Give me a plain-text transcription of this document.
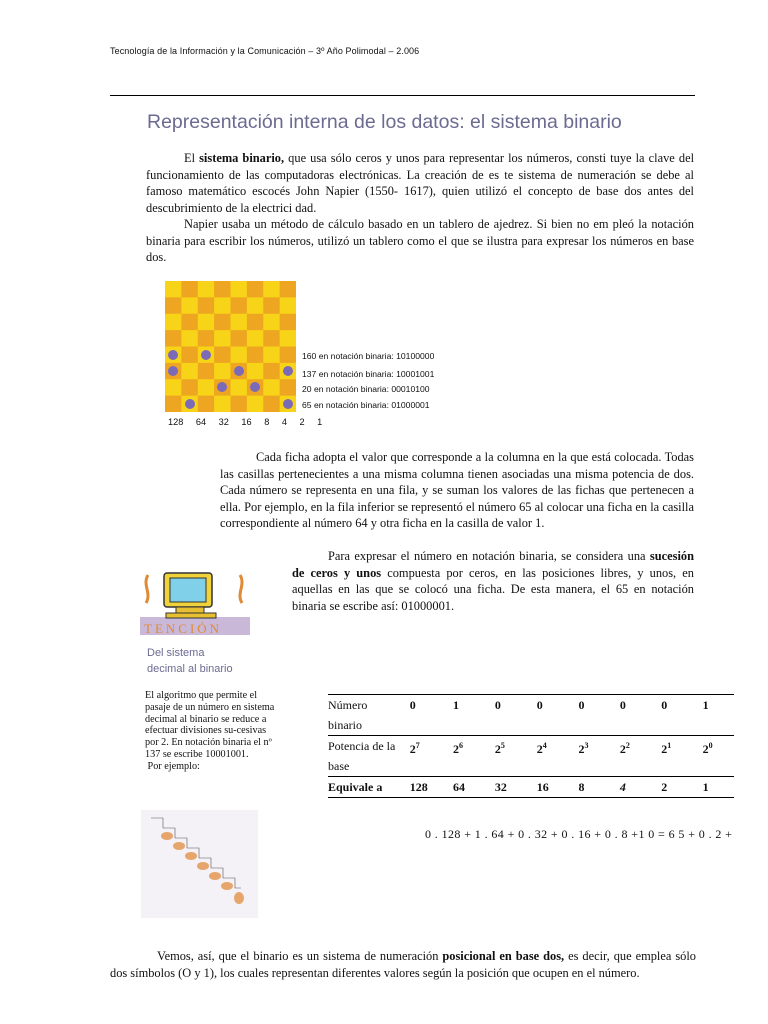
Tecnología de la Información y la Comunicación – 3º Año Polimodal – 2.006
Representación interna de los datos: el sistema binario

El sistema binario, que usa sólo ceros y unos para representar los números, consti tuye la clave del funcionamiento de las computadoras electrónicas. La creación de es te sistema de numeración se debe al famoso matemático escocés John Napier (1550- 1617), quien utilizó el concepto de base dos antes del descubrimiento de la electrici dad.

Napier usaba un método de cálculo basado en un tablero de ajedrez. Si bien no em pleó la notación binaria para escribir los números, utilizó un tablero como el que se ilustra para expresar los números en base dos.

160 en notación binaria: 10100000
137 en notación binaria: 10001001
20 en notación binaria: 00010100
65 en notación binaria: 01000001
128 64 32 16 8 4 2 1

Cada ficha adopta el valor que corresponde a la columna en la que está colocada. Todas las casillas pertenecientes a una misma columna tienen asociadas una misma potencia de dos. Cada número se representa en una fila, y se suman los valores de las fichas que pertenecen a ella. Por ejemplo, en la fila inferior se representó el número 65 al colocar una ficha en la casilla correspondiente al número 64 y otra ficha en la casilla de valor 1.

Para expresar el número en notación binaria, se considera una sucesión de ceros y unos compuesta por ceros, en las posiciones libres, y unos, en aquellas en las que se colocó una ficha. De esta manera, el 65 en notación binaria se escribe así: 01000001.

TENCIÓN
Del sistema decimal al binario
El algoritmo que permite el pasaje de un número en sistema decimal al binario se reduce a efectuar divisiones su-cesivas por 2. En notación binaria el nº 137 se escribe 10001001.
Por ejemplo:
Número binario	0	1	0	0	0	0	0	1
Potencia de la base	$2^7$	$2^6$	$2^5$	$2^4$	$2^3$	$2^2$	$2^1$	$2^0$
Equivale a	128	64	32	16	8	4	2	1
0 . 128 + 1 . 64 + 0 . 32 + 0 . 16 + 0 . 8 +1 0 = 6 5 + 0 . 2 +

Vemos, así, que el binario es un sistema de numeración posicional en base dos, es decir, que emplea sólo dos símbolos (O y 1), los cuales representan diferentes valores según la posición que ocupen en el número.
